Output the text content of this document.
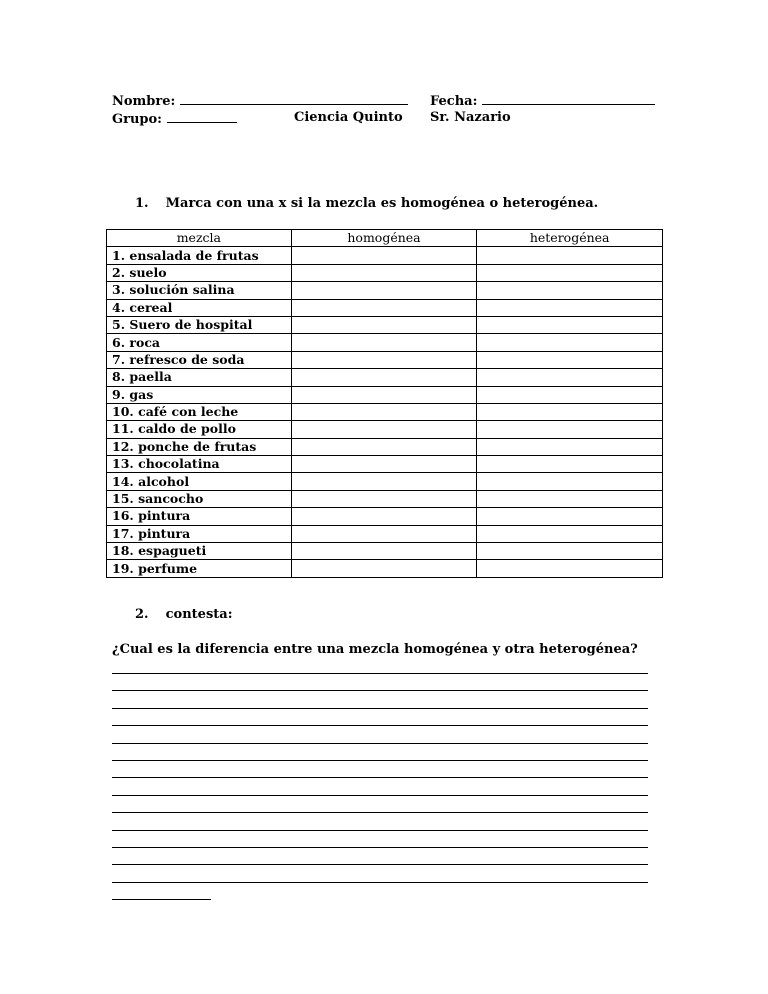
Nombre:	Fecha:
Grupo:	Ciencia Quinto Sr. Nazario
1. Marca con una x si la mezcla es homogénea o heterogénea.
mezcla	homogénea	heterogénea
1. ensalada de frutas		
2. suelo		
3. solución salina		
4. cereal		
5. Suero de hospital		
6. roca		
7. refresco de soda		
8. paella		
9. gas		
10. café con leche		
11. caldo de pollo		
12. ponche de frutas		
13. chocolatina		
14. alcohol		
15. sancocho		
16. pintura		
17. pintura		
18. espagueti		
19. perfume		
2. contesta:
¿Cual es la diferencia entre una mezcla homogénea y otra heterogénea?
